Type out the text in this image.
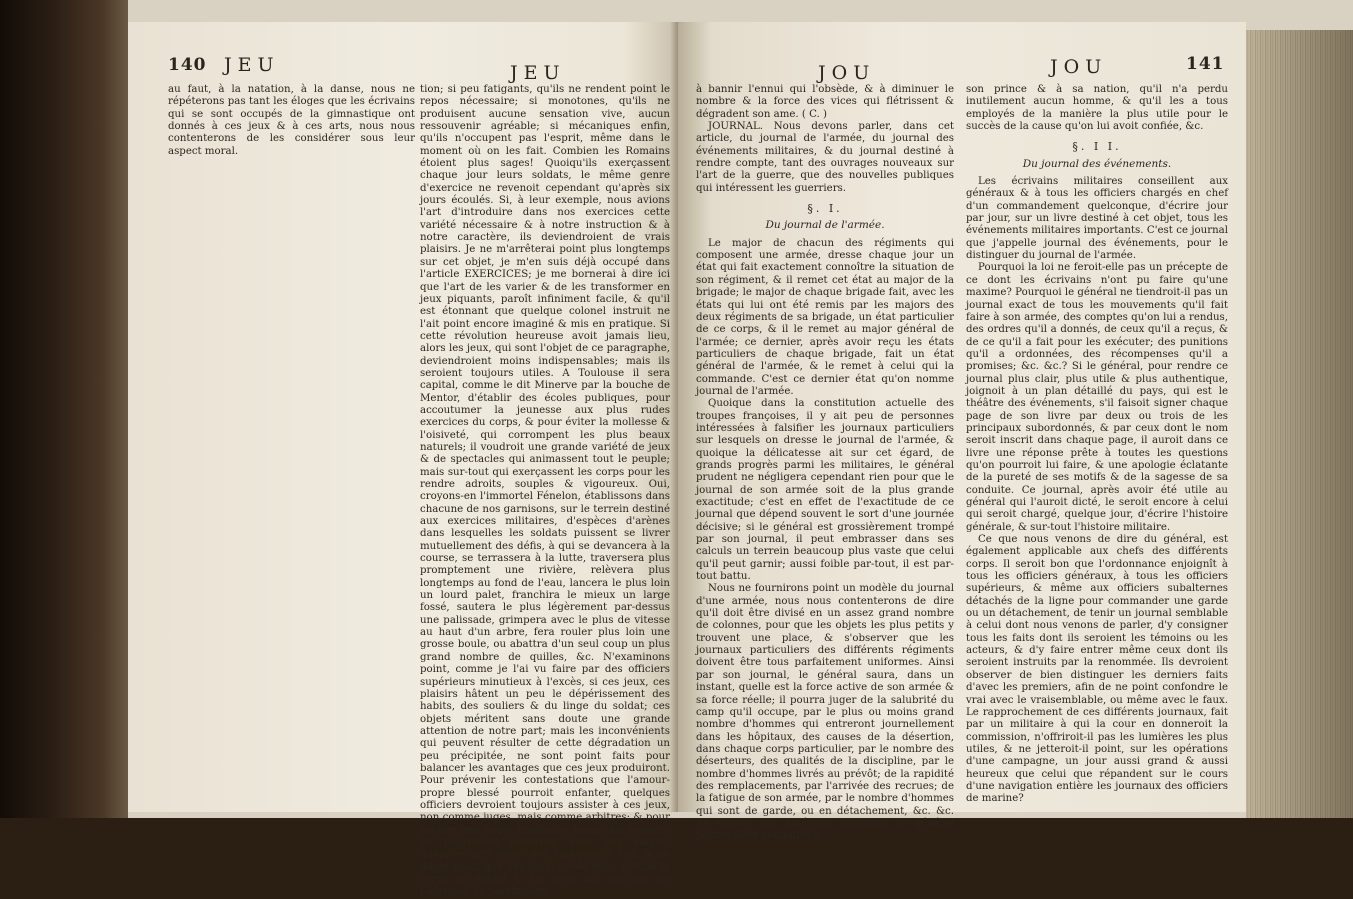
140 JEU	JEU

au faut, à la natation, à la danse, nous ne répéterons pas tant les éloges que les écrivains qui se sont occupés de la gimnastique ont donnés à ces jeux & à ces arts, nous nous contenterons de les considérer sous leur aspect moral.

tion; si peu fatigants, qu'ils ne rendent point le repos nécessaire; si monotones, qu'ils ne produisent aucune sensation vive, aucun ressouvenir agréable; si mécaniques enfin, qu'ils n'occupent pas l'esprit, même dans le moment où on les fait. Combien les Romains étoient plus sages! Quoiqu'ils exerçassent chaque jour leurs soldats, le même genre d'exercice ne revenoit cependant qu'après six jours écoulés. Si, à leur exemple, nous avions l'art d'introduire dans nos exercices cette variété nécessaire & à notre instruction & à notre caractère, ils deviendroient de vrais plaisirs. Je ne m'arrêterai point plus longtemps sur cet objet, je m'en suis déjà occupé dans l'article EXERCICES; je me bornerai à dire ici que l'art de les varier & de les transformer en jeux piquants, paroît infiniment facile, & qu'il est étonnant que quelque colonel instruit ne l'ait point encore imaginé & mis en pratique. Si cette révolution heureuse avoit jamais lieu, alors les jeux, qui sont l'objet de ce paragraphe, deviendroient moins indispensables; mais ils seroient toujours utiles. A Toulouse il sera capital, comme le dit Minerve par la bouche de Mentor, d'établir des écoles publiques, pour accoutumer la jeunesse aux plus rudes exercices du corps, & pour éviter la mollesse & l'oisiveté, qui corrompent les plus beaux naturels; il voudroit une grande variété de jeux & de spectacles qui animassent tout le peuple; mais sur-tout qui exerçassent les corps pour les rendre adroits, souples & vigoureux. Oui, croyons-en l'immortel Fénelon, établissons dans chacune de nos garnisons, sur le terrein destiné aux exercices militaires, d'espèces d'arènes dans lesquelles les soldats puissent se livrer mutuellement des défis, à qui se devancera à la course, se terrassera à la lutte, traversera plus promptement une rivière, relèvera plus longtemps au fond de l'eau, lancera le plus loin un lourd palet, franchira le mieux un large fossé, sautera le plus légèrement par-dessus une palissade, grimpera avec le plus de vitesse au haut d'un arbre, fera rouler plus loin une grosse boule, ou abattra d'un seul coup un plus grand nombre de quilles, &c. N'examinons point, comme je l'ai vu faire par des officiers supérieurs minutieux à l'excès, si ces jeux, ces plaisirs hâtent un peu le dépérissement des habits, des souliers & du linge du soldat; ces objets méritent sans doute une grande attention de notre part; mais les inconvénients qui peuvent résulter de cette dégradation un peu précipitée, ne sont point faits pour balancer les avantages que ces jeux produiront. Pour prévenir les contestations que l'amour-propre blessé pourroit enfanter, quelques officiers devroient toujours assister à ces jeux, non comme juges, mais comme arbitres; & pour exciter une noble émulation parmi les joueurs, ils pourroient décerner avec des éloges, quelques prix légers aux vainqueurs. Oui, je ne doute point que ces jeux, après avoir fortifié le corps du soldat & lui avoir fait acquérir de l'adresse, ne parvinssent

JOU	JOU	141

à bannir l'ennui qui l'obsède, & à diminuer le nombre & la force des vices qui flétrissent & dégradent son ame. ( C. )

JOURNAL. Nous devons parler, dans cet article, du journal de l'armée, du journal des événements militaires, & du journal destiné à rendre compte, tant des ouvrages nouveaux sur l'art de la guerre, que des nouvelles publiques qui intéressent les guerriers.

§. I.
Du journal de l'armée.

Le major de chacun des régiments qui composent une armée, dresse chaque jour un état qui fait exactement connoître la situation de son régiment, & il remet cet état au major de la brigade; le major de chaque brigade fait, avec les états qui lui ont été remis par les majors des deux régiments de sa brigade, un état particulier de ce corps, & il le remet au major général de l'armée; ce dernier, après avoir reçu les états particuliers de chaque brigade, fait un état général de l'armée, & le remet à celui qui la commande. C'est ce dernier état qu'on nomme journal de l'armée.

Quoique dans la constitution actuelle des troupes françoises, il y ait peu de personnes intéressées à falsifier les journaux particuliers sur lesquels on dresse le journal de l'armée, & quoique la délicatesse ait sur cet égard, de grands progrès parmi les militaires, le général prudent ne négligera cependant rien pour que le journal de son armée soit de la plus grande exactitude; c'est en effet de l'exactitude de ce journal que dépend souvent le sort d'une journée décisive; si le général est grossièrement trompé par son journal, il peut embrasser dans ses calculs un terrein beaucoup plus vaste que celui qu'il peut garnir; aussi foible par-tout, il est par-tout battu.

Nous ne fournirons point un modèle du journal d'une armée, nous nous contenterons de dire qu'il doit être divisé en un assez grand nombre de colonnes, pour que les objets les plus petits y trouvent une place, & s'observer que les journaux particuliers des différents régiments doivent être tous parfaitement uniformes. Ainsi par son journal, le général saura, dans un instant, quelle est la force active de son armée & sa force réelle; il pourra juger de la salubrité du camp qu'il occupe, par le plus ou moins grand nombre d'hommes qui entreront journellement dans les hôpitaux, des causes de la désertion, dans chaque corps particulier, par le nombre des déserteurs, des qualités de la discipline, par le nombre d'hommes livrés au prévôt; de la rapidité des remplacements, par l'arrivée des recrues; de la fatigue de son armée, par le nombre d'hommes qui sont de garde, ou en détachement, &c. &c. Au moyen des différents journaux, le général pourra faire connoître à

son prince & à sa nation, qu'il n'a perdu inutilement aucun homme, & qu'il les a tous employés de la manière la plus utile pour le succès de la cause qu'on lui avoit confiée, &c.

§. I I.
Du journal des événements.

Les écrivains militaires conseillent aux généraux & à tous les officiers chargés en chef d'un commandement quelconque, d'écrire jour par jour, sur un livre destiné à cet objet, tous les événements militaires importants. C'est ce journal que j'appelle journal des événements, pour le distinguer du journal de l'armée.

Pourquoi la loi ne feroit-elle pas un précepte de ce dont les écrivains n'ont pu faire qu'une maxime? Pourquoi le général ne tiendroit-il pas un journal exact de tous les mouvements qu'il fait faire à son armée, des comptes qu'on lui a rendus, des ordres qu'il a donnés, de ceux qu'il a reçus, & de ce qu'il a fait pour les exécuter; des punitions qu'il a ordonnées, des récompenses qu'il a promises; &c. &c.? Si le général, pour rendre ce journal plus clair, plus utile & plus authentique, joignoit à un plan détaillé du pays, qui est le théâtre des événements, s'il faisoit signer chaque page de son livre par deux ou trois de les principaux subordonnés, & par ceux dont le nom seroit inscrit dans chaque page, il auroit dans ce livre une réponse prête à toutes les questions qu'on pourroit lui faire, & une apologie éclatante de la pureté de ses motifs & de la sagesse de sa conduite. Ce journal, après avoir été utile au général qui l'auroit dicté, le seroit encore à celui qui seroit chargé, quelque jour, d'écrire l'histoire générale, & sur-tout l'histoire militaire.

Ce que nous venons de dire du général, est également applicable aux chefs des différents corps. Il seroit bon que l'ordonnance enjoignît à tous les officiers généraux, à tous les officiers supérieurs, & même aux officiers subalternes détachés de la ligne pour commander une garde ou un détachement, de tenir un journal semblable à celui dont nous venons de parler, d'y consigner tous les faits dont ils seroient les témoins ou les acteurs, & d'y faire entrer même ceux dont ils seroient instruits par la renommée. Ils devroient observer de bien distinguer les derniers faits d'avec les premiers, afin de ne point confondre le vrai avec le vraisemblable, ou même avec le faux. Le rapprochement de ces différents journaux, fait par un militaire à qui la cour en donneroit la commission, n'offriroit-il pas les lumières les plus utiles, & ne jetteroit-il point, sur les opérations d'une campagne, un jour aussi grand & aussi heureux que celui que répandent sur le cours d'une navigation entière les journaux des officiers de marine?
